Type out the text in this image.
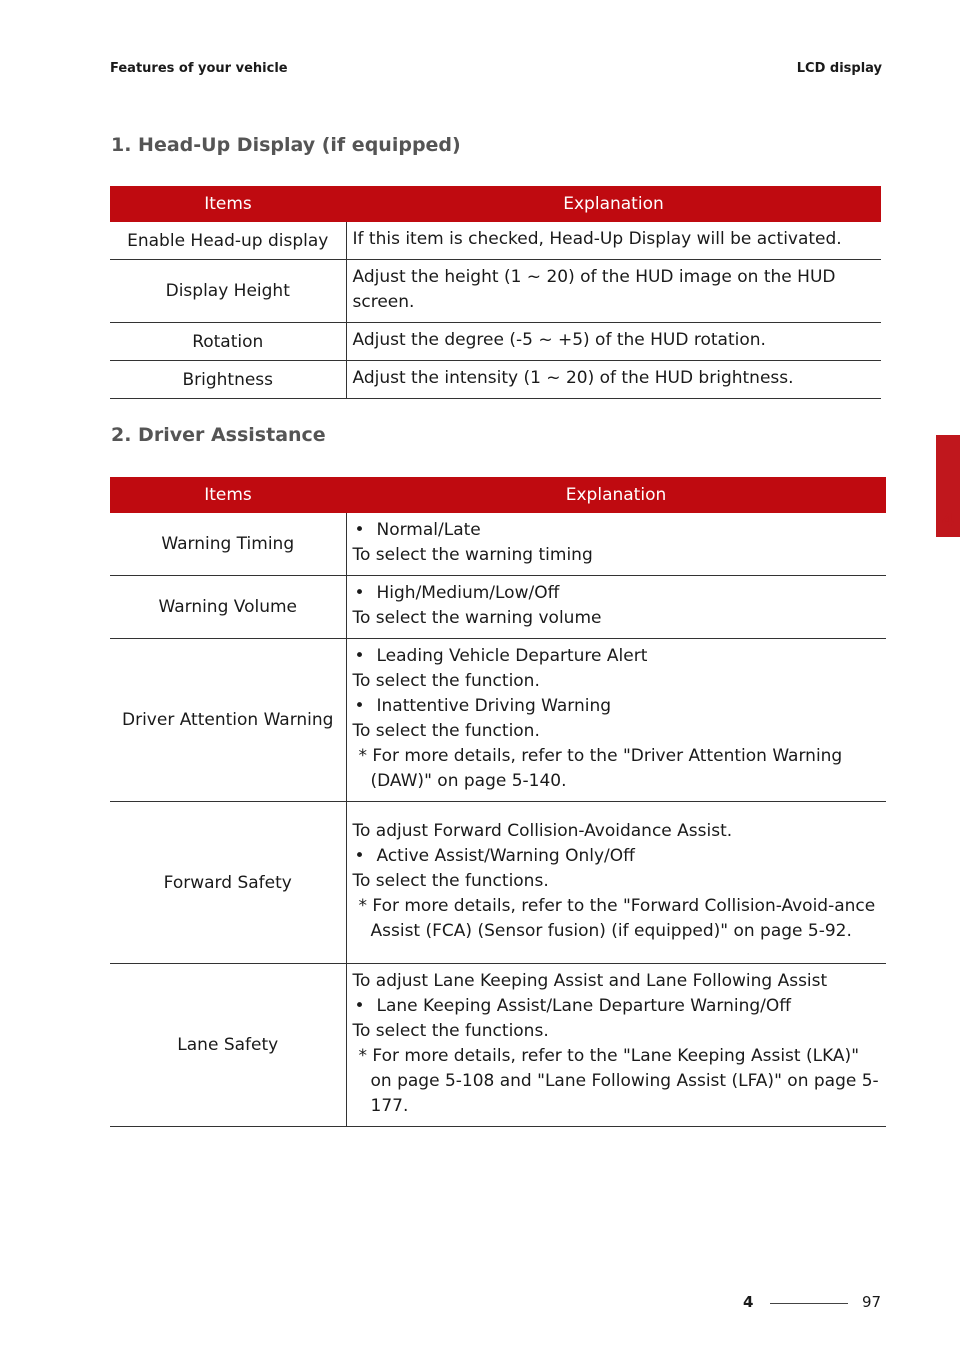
Features of your vehicle	LCD display
1. Head-Up Display (if equipped)
Items	Explanation
Enable Head-up display	If this item is checked, Head-Up Display will be activated.

Display Height	Adjust the height (1 ~ 20) of the HUD image on the HUD screen.

Rotation	Adjust the degree (-5 ~ +5) of the HUD rotation.

Brightness	Adjust the intensity (1 ~ 20) of the HUD brightness.
2. Driver Assistance
Items	Explanation
Warning Timing	• Normal/Late
To select the warning timing

Warning Volume	• High/Medium/Low/Off
To select the warning volume

Driver Attention Warning	• Leading Vehicle Departure Alert
To select the function.
• Inattentive Driving Warning
To select the function.
* For more details, refer to the "Driver Attention Warning (DAW)" on page 5-140.

Forward Safety	To adjust Forward Collision-Avoidance Assist.
• Active Assist/Warning Only/Off
To select the functions.
* For more details, refer to the "Forward Collision-Avoid-ance Assist (FCA) (Sensor fusion) (if equipped)" on page 5-92.

Lane Safety	To adjust Lane Keeping Assist and Lane Following Assist
• Lane Keeping Assist/Lane Departure Warning/Off
To select the functions.
* For more details, refer to the "Lane Keeping Assist (LKA)" on page 5-108 and "Lane Following Assist (LFA)" on page 5-177.
4
4	97
